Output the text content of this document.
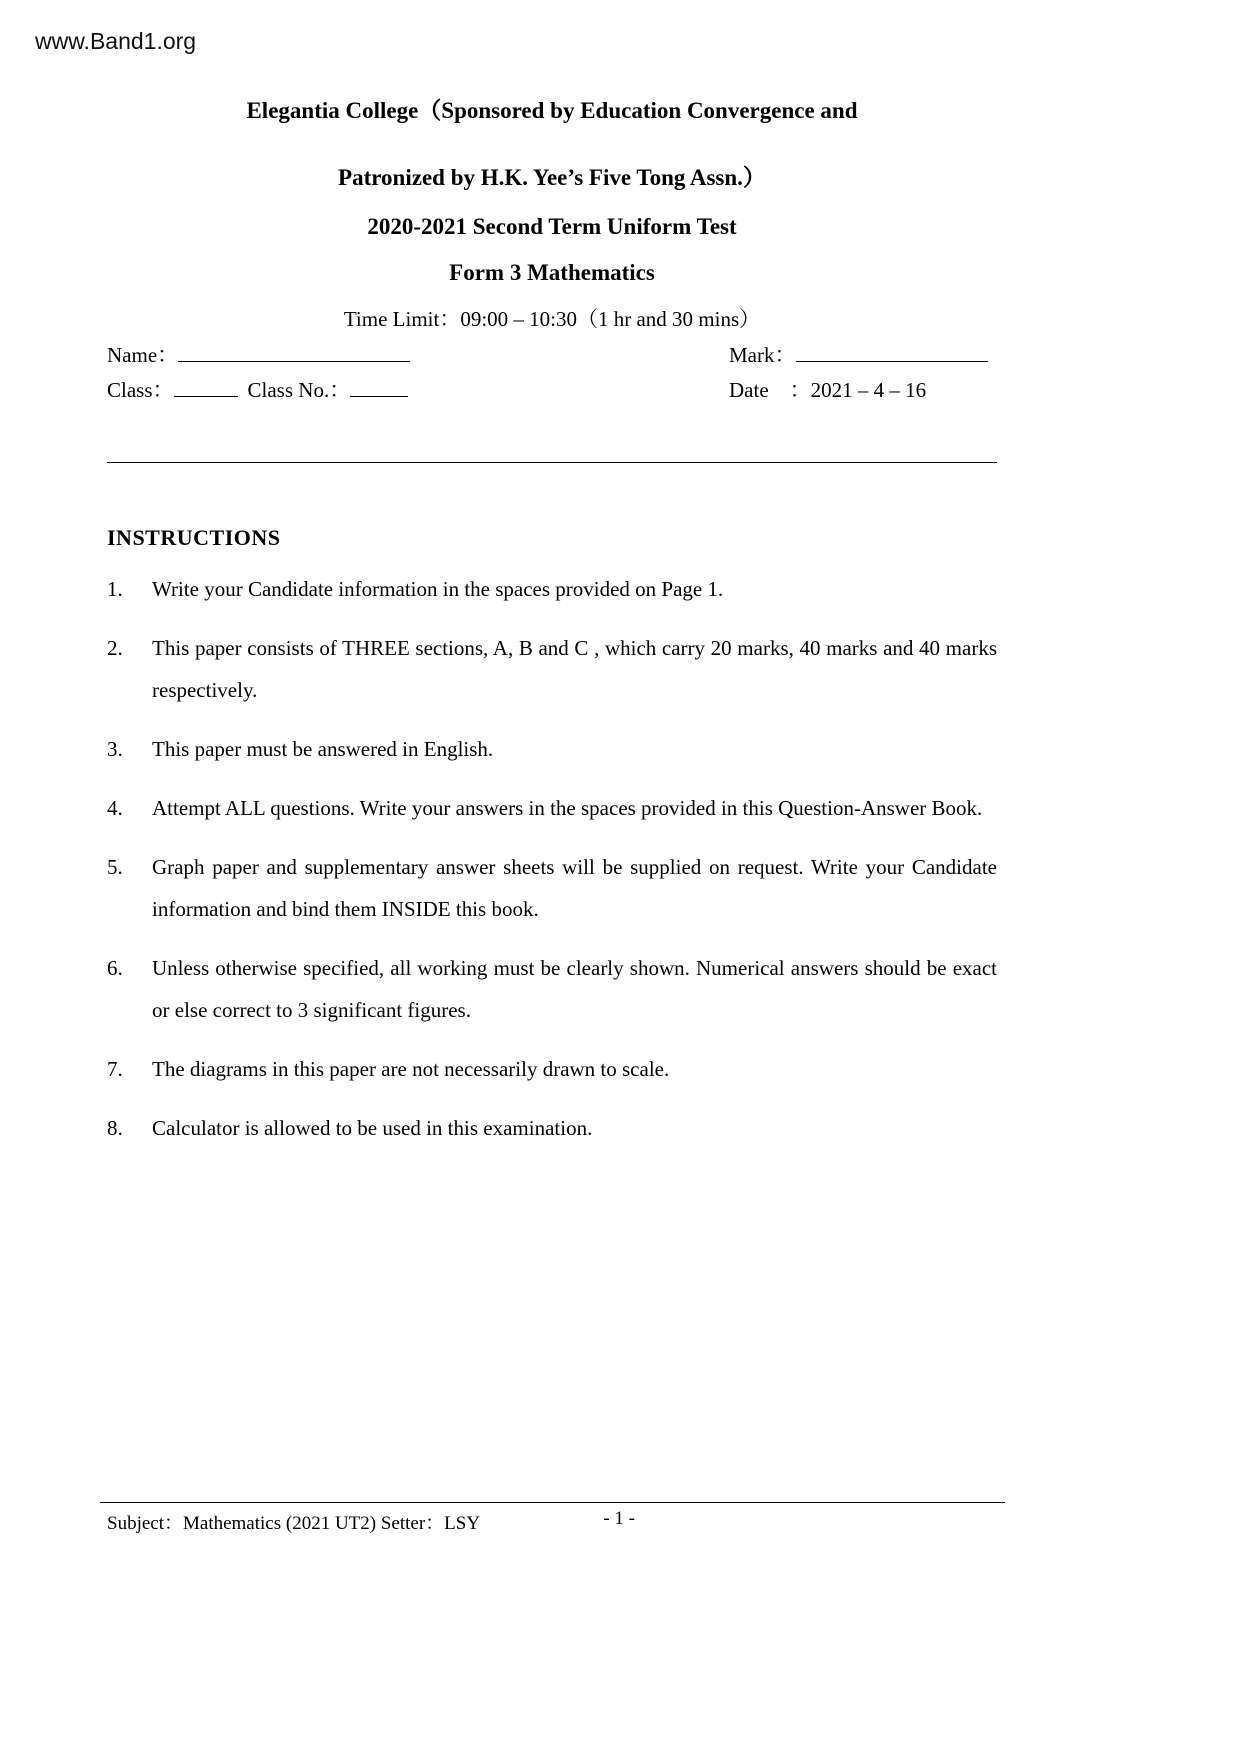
www.Band1.org

Elegantia College（Sponsored by Education Convergence and

Patronized by H.K. Yee’s Five Tong Assn.）

2020-2021 Second Term Uniform Test

Form 3 Mathematics

Time Limit：09:00 – 10:30（1 hr and 30 mins）
Name：	Mark：
Class：	Class No.：	Date　：2021 – 4 – 16
INSTRUCTIONS
1.	Write your Candidate information in the spaces provided on Page 1.
2.	This paper consists of THREE sections, A, B and C , which carry 20 marks, 40 marks and 40 marks respectively.
3.	This paper must be answered in English.
4.	Attempt ALL questions. Write your answers in the spaces provided in this Question-Answer Book.
5.	Graph paper and supplementary answer sheets will be supplied on request. Write your Candidate information and bind them INSIDE this book.
6.	Unless otherwise specified, all working must be clearly shown. Numerical answers should be exact or else correct to 3 significant figures.
7.	The diagrams in this paper are not necessarily drawn to scale.
8.	Calculator is allowed to be used in this examination.
Subject：Mathematics (2021 UT2) Setter：LSY	- 1 -
